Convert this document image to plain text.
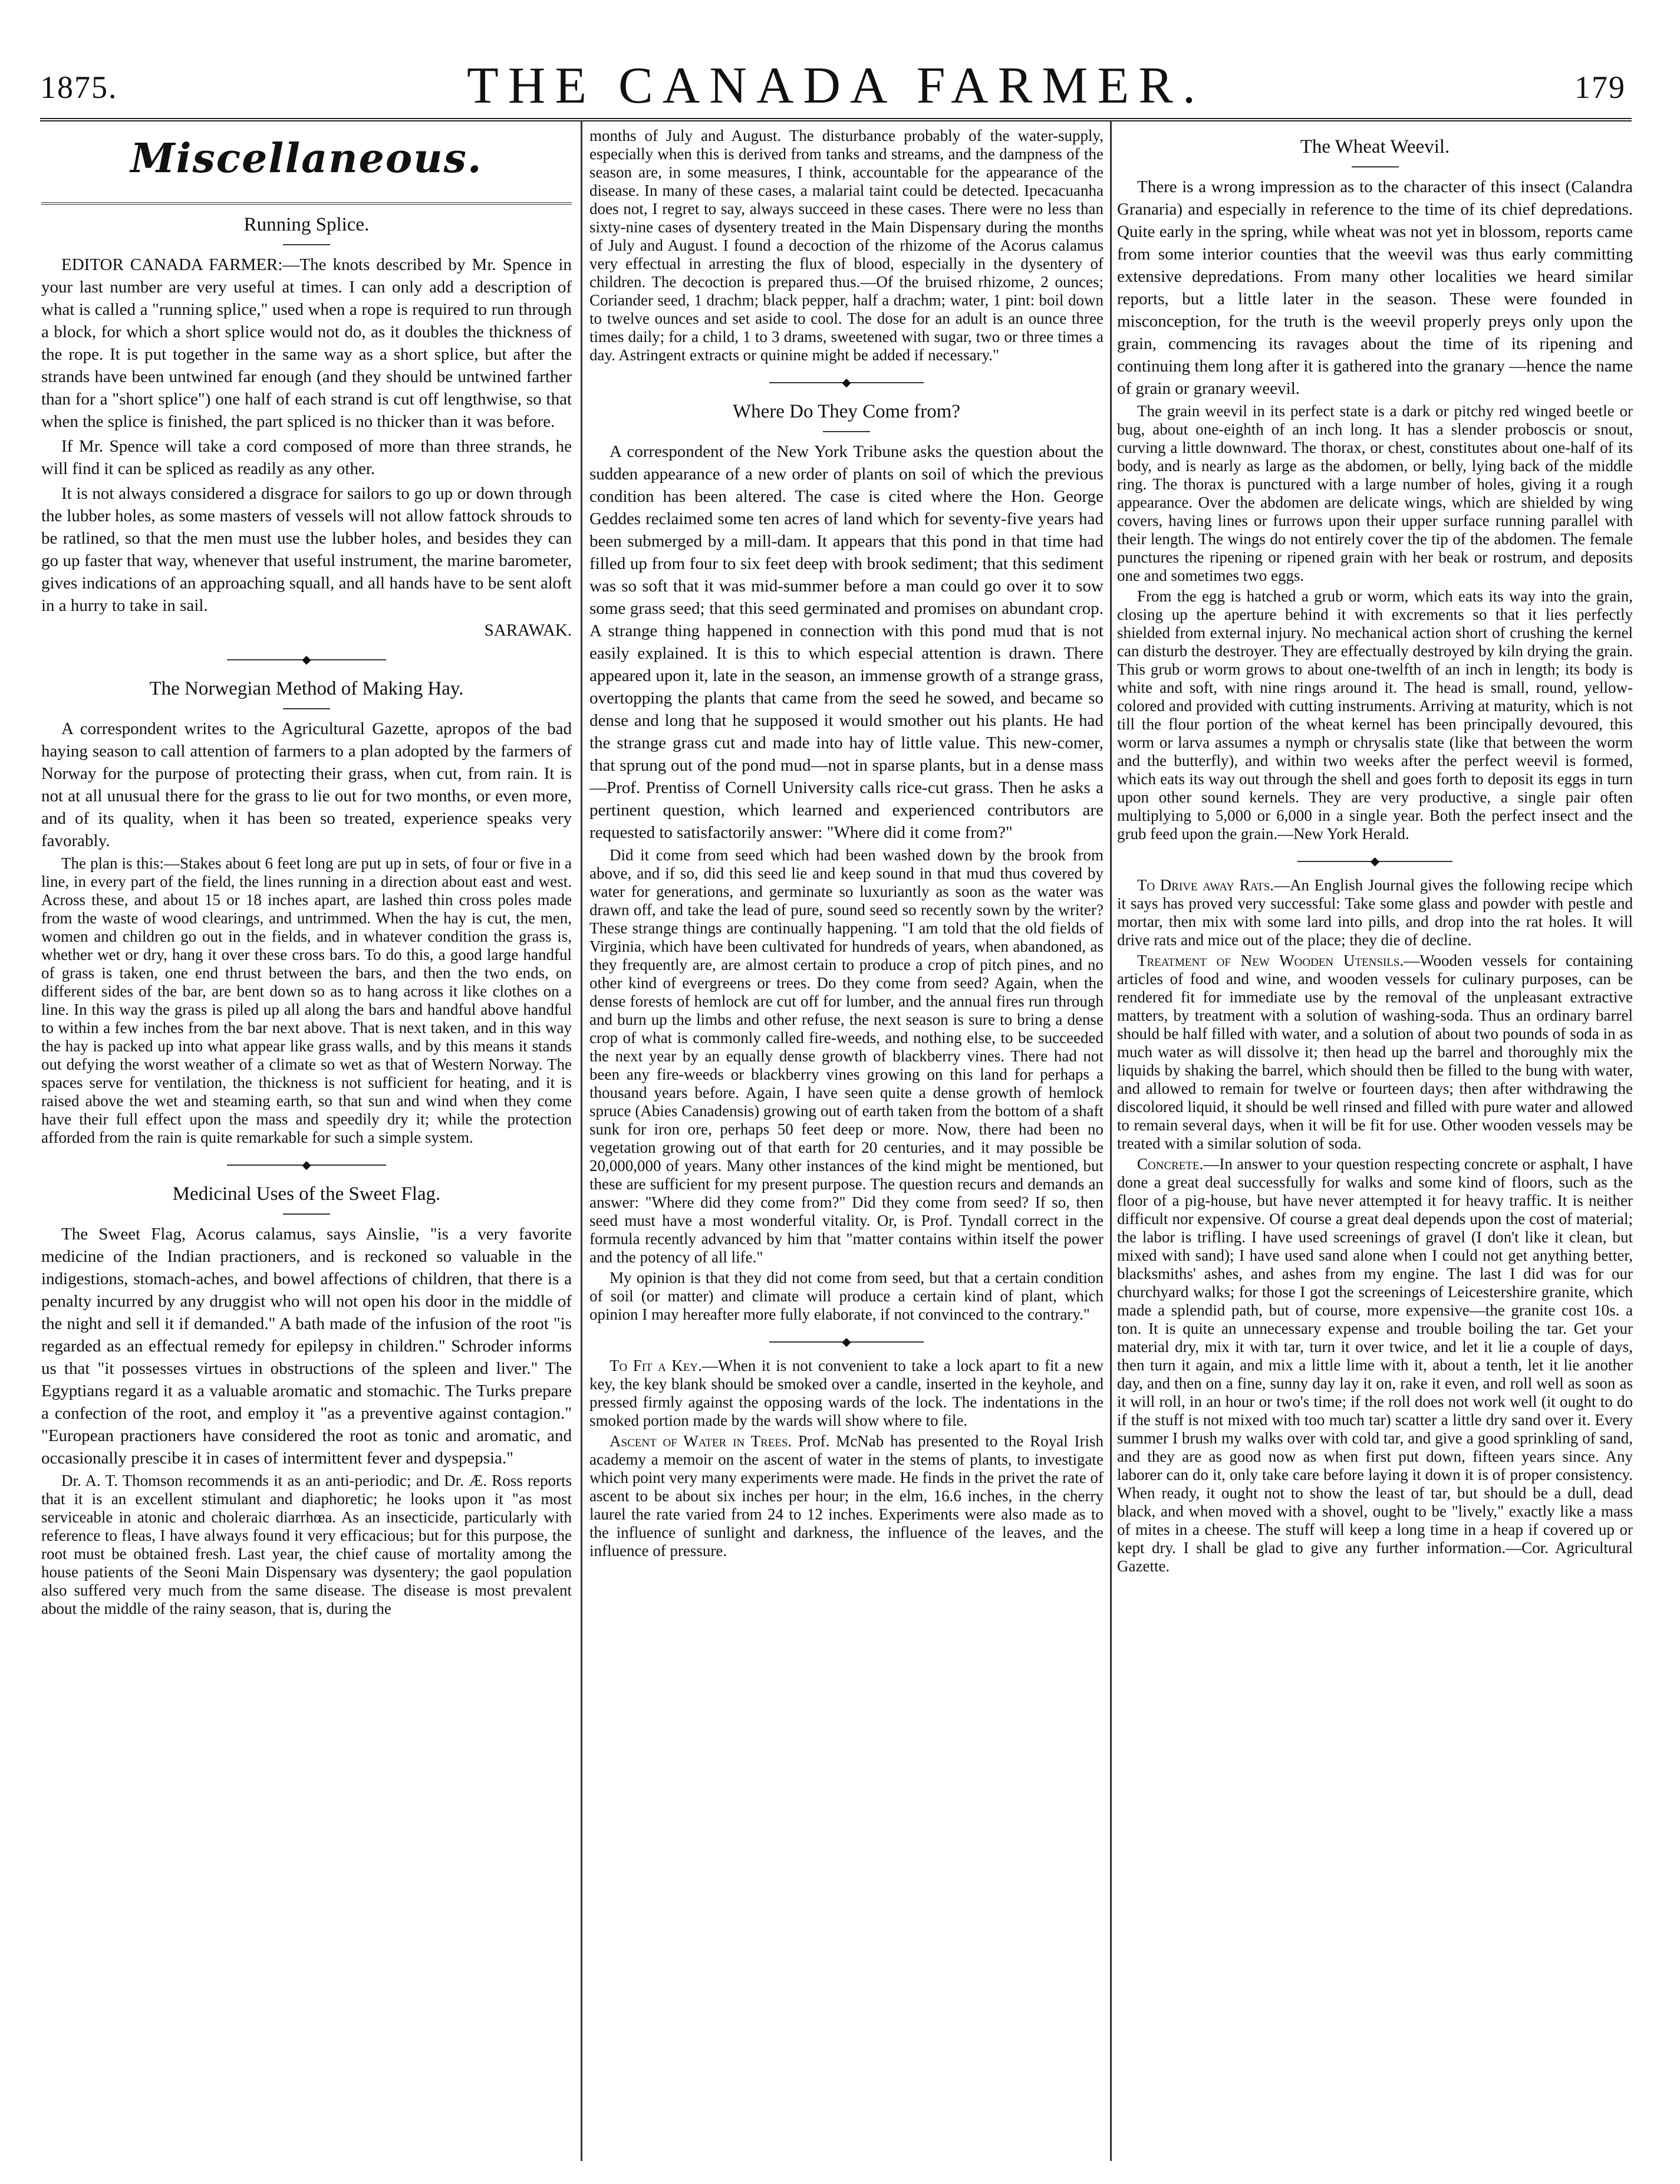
1875.	THE CANADA FARMER.	179
Miscellaneous.
Running Splice.

EDITOR CANADA FARMER:—The knots described by Mr. Spence in your last number are very useful at times. I can only add a description of what is called a "running splice," used when a rope is required to run through a block, for which a short splice would not do, as it doubles the thickness of the rope. It is put together in the same way as a short splice, but after the strands have been untwined far enough (and they should be untwined farther than for a "short splice") one half of each strand is cut off lengthwise, so that when the splice is finished, the part spliced is no thicker than it was before.

If Mr. Spence will take a cord composed of more than three strands, he will find it can be spliced as readily as any other.

It is not always considered a disgrace for sailors to go up or down through the lubber holes, as some masters of vessels will not allow fattock shrouds to be ratlined, so that the men must use the lubber holes, and besides they can go up faster that way, whenever that useful instrument, the marine barometer, gives indications of an approaching squall, and all hands have to be sent aloft in a hurry to take in sail.

SARAWAK.

◆
The Norwegian Method of Making Hay.

A correspondent writes to the Agricultural Gazette, apropos of the bad haying season to call attention of farmers to a plan adopted by the farmers of Norway for the purpose of protecting their grass, when cut, from rain. It is not at all unusual there for the grass to lie out for two months, or even more, and of its quality, when it has been so treated, experience speaks very favorably.

The plan is this:—Stakes about 6 feet long are put up in sets, of four or five in a line, in every part of the field, the lines running in a direction about east and west. Across these, and about 15 or 18 inches apart, are lashed thin cross poles made from the waste of wood clearings, and untrimmed. When the hay is cut, the men, women and children go out in the fields, and in whatever condition the grass is, whether wet or dry, hang it over these cross bars. To do this, a good large handful of grass is taken, one end thrust between the bars, and then the two ends, on different sides of the bar, are bent down so as to hang across it like clothes on a line. In this way the grass is piled up all along the bars and handful above handful to within a few inches from the bar next above. That is next taken, and in this way the hay is packed up into what appear like grass walls, and by this means it stands out defying the worst weather of a climate so wet as that of Western Norway. The spaces serve for ventilation, the thickness is not sufficient for heating, and it is raised above the wet and steaming earth, so that sun and wind when they come have their full effect upon the mass and speedily dry it; while the protection afforded from the rain is quite remarkable for such a simple system.

◆
Medicinal Uses of the Sweet Flag.

The Sweet Flag, Acorus calamus, says Ainslie, "is a very favorite medicine of the Indian practioners, and is reckoned so valuable in the indigestions, stomach-aches, and bowel affections of children, that there is a penalty incurred by any druggist who will not open his door in the middle of the night and sell it if demanded." A bath made of the infusion of the root "is regarded as an effectual remedy for epilepsy in children." Schroder informs us that "it possesses virtues in obstructions of the spleen and liver." The Egyptians regard it as a valuable aromatic and stomachic. The Turks prepare a confection of the root, and employ it "as a preventive against contagion." "European practioners have considered the root as tonic and aromatic, and occasionally prescibe it in cases of intermittent fever and dyspepsia."

Dr. A. T. Thomson recommends it as an anti-periodic; and Dr. Æ. Ross reports that it is an excellent stimulant and diaphoretic; he looks upon it "as most serviceable in atonic and choleraic diarrhœa. As an insecticide, particularly with reference to fleas, I have always found it very efficacious; but for this purpose, the root must be obtained fresh. Last year, the chief cause of mortality among the house patients of the Seoni Main Dispensary was dysentery; the gaol population also suffered very much from the same disease. The disease is most prevalent about the middle of the rainy season, that is, during the

months of July and August. The disturbance probably of the water-supply, especially when this is derived from tanks and streams, and the dampness of the season are, in some measures, I think, accountable for the appearance of the disease. In many of these cases, a malarial taint could be detected. Ipecacuanha does not, I regret to say, always succeed in these cases. There were no less than sixty-nine cases of dysentery treated in the Main Dispensary during the months of July and August. I found a decoction of the rhizome of the Acorus calamus very effectual in arresting the flux of blood, especially in the dysentery of children. The decoction is prepared thus.—Of the bruised rhizome, 2 ounces; Coriander seed, 1 drachm; black pepper, half a drachm; water, 1 pint: boil down to twelve ounces and set aside to cool. The dose for an adult is an ounce three times daily; for a child, 1 to 3 drams, sweetened with sugar, two or three times a day. Astringent extracts or quinine might be added if necessary."

◆
Where Do They Come from?

A correspondent of the New York Tribune asks the question about the sudden appearance of a new order of plants on soil of which the previous condition has been altered. The case is cited where the Hon. George Geddes reclaimed some ten acres of land which for seventy-five years had been submerged by a mill-dam. It appears that this pond in that time had filled up from four to six feet deep with brook sediment; that this sediment was so soft that it was mid-summer before a man could go over it to sow some grass seed; that this seed germinated and promises on abundant crop. A strange thing happened in connection with this pond mud that is not easily explained. It is this to which especial attention is drawn. There appeared upon it, late in the season, an immense growth of a strange grass, overtopping the plants that came from the seed he sowed, and became so dense and long that he supposed it would smother out his plants. He had the strange grass cut and made into hay of little value. This new-comer, that sprung out of the pond mud—not in sparse plants, but in a dense mass—Prof. Prentiss of Cornell University calls rice-cut grass. Then he asks a pertinent question, which learned and experienced contributors are requested to satisfactorily answer: "Where did it come from?"

Did it come from seed which had been washed down by the brook from above, and if so, did this seed lie and keep sound in that mud thus covered by water for generations, and germinate so luxuriantly as soon as the water was drawn off, and take the lead of pure, sound seed so recently sown by the writer? These strange things are continually happening. "I am told that the old fields of Virginia, which have been cultivated for hundreds of years, when abandoned, as they frequently are, are almost certain to produce a crop of pitch pines, and no other kind of evergreens or trees. Do they come from seed? Again, when the dense forests of hemlock are cut off for lumber, and the annual fires run through and burn up the limbs and other refuse, the next season is sure to bring a dense crop of what is commonly called fire-weeds, and nothing else, to be succeeded the next year by an equally dense growth of blackberry vines. There had not been any fire-weeds or blackberry vines growing on this land for perhaps a thousand years before. Again, I have seen quite a dense growth of hemlock spruce (Abies Canadensis) growing out of earth taken from the bottom of a shaft sunk for iron ore, perhaps 50 feet deep or more. Now, there had been no vegetation growing out of that earth for 20 centuries, and it may possible be 20,000,000 of years. Many other instances of the kind might be mentioned, but these are sufficient for my present purpose. The question recurs and demands an answer: "Where did they come from?" Did they come from seed? If so, then seed must have a most wonderful vitality. Or, is Prof. Tyndall correct in the formula recently advanced by him that "matter contains within itself the power and the potency of all life."

My opinion is that they did not come from seed, but that a certain condition of soil (or matter) and climate will produce a certain kind of plant, which opinion I may hereafter more fully elaborate, if not convinced to the contrary."

◆

To Fit a Key.—When it is not convenient to take a lock apart to fit a new key, the key blank should be smoked over a candle, inserted in the keyhole, and pressed firmly against the opposing wards of the lock. The indentations in the smoked portion made by the wards will show where to file.

Ascent of Water in Trees. Prof. McNab has presented to the Royal Irish academy a memoir on the ascent of water in the stems of plants, to investigate which point very many experiments were made. He finds in the privet the rate of ascent to be about six inches per hour; in the elm, 16.6 inches, in the cherry laurel the rate varied from 24 to 12 inches. Experiments were also made as to the influence of sunlight and darkness, the influence of the leaves, and the influence of pressure.

The Wheat Weevil.

There is a wrong impression as to the character of this insect (Calandra Granaria) and especially in reference to the time of its chief depredations. Quite early in the spring, while wheat was not yet in blossom, reports came from some interior counties that the weevil was thus early committing extensive depredations. From many other localities we heard similar reports, but a little later in the season. These were founded in misconception, for the truth is the weevil properly preys only upon the grain, commencing its ravages about the time of its ripening and continuing them long after it is gathered into the granary —hence the name of grain or granary weevil.

The grain weevil in its perfect state is a dark or pitchy red winged beetle or bug, about one-eighth of an inch long. It has a slender proboscis or snout, curving a little downward. The thorax, or chest, constitutes about one-half of its body, and is nearly as large as the abdomen, or belly, lying back of the middle ring. The thorax is punctured with a large number of holes, giving it a rough appearance. Over the abdomen are delicate wings, which are shielded by wing covers, having lines or furrows upon their upper surface running parallel with their length. The wings do not entirely cover the tip of the abdomen. The female punctures the ripening or ripened grain with her beak or rostrum, and deposits one and sometimes two eggs.

From the egg is hatched a grub or worm, which eats its way into the grain, closing up the aperture behind it with excrements so that it lies perfectly shielded from external injury. No mechanical action short of crushing the kernel can disturb the destroyer. They are effectually destroyed by kiln drying the grain. This grub or worm grows to about one-twelfth of an inch in length; its body is white and soft, with nine rings around it. The head is small, round, yellow-colored and provided with cutting instruments. Arriving at maturity, which is not till the flour portion of the wheat kernel has been principally devoured, this worm or larva assumes a nymph or chrysalis state (like that between the worm and the butterfly), and within two weeks after the perfect weevil is formed, which eats its way out through the shell and goes forth to deposit its eggs in turn upon other sound kernels. They are very productive, a single pair often multiplying to 5,000 or 6,000 in a single year. Both the perfect insect and the grub feed upon the grain.—New York Herald.

◆

To Drive away Rats.—An English Journal gives the following recipe which it says has proved very successful: Take some glass and powder with pestle and mortar, then mix with some lard into pills, and drop into the rat holes. It will drive rats and mice out of the place; they die of decline.

Treatment of New Wooden Utensils.—Wooden vessels for containing articles of food and wine, and wooden vessels for culinary purposes, can be rendered fit for immediate use by the removal of the unpleasant extractive matters, by treatment with a solution of washing-soda. Thus an ordinary barrel should be half filled with water, and a solution of about two pounds of soda in as much water as will dissolve it; then head up the barrel and thoroughly mix the liquids by shaking the barrel, which should then be filled to the bung with water, and allowed to remain for twelve or fourteen days; then after withdrawing the discolored liquid, it should be well rinsed and filled with pure water and allowed to remain several days, when it will be fit for use. Other wooden vessels may be treated with a similar solution of soda.

Concrete.—In answer to your question respecting concrete or asphalt, I have done a great deal successfully for walks and some kind of floors, such as the floor of a pig-house, but have never attempted it for heavy traffic. It is neither difficult nor expensive. Of course a great deal depends upon the cost of material; the labor is trifling. I have used screenings of gravel (I don't like it clean, but mixed with sand); I have used sand alone when I could not get anything better, blacksmiths' ashes, and ashes from my engine. The last I did was for our churchyard walks; for those I got the screenings of Leicestershire granite, which made a splendid path, but of course, more expensive—the granite cost 10s. a ton. It is quite an unnecessary expense and trouble boiling the tar. Get your material dry, mix it with tar, turn it over twice, and let it lie a couple of days, then turn it again, and mix a little lime with it, about a tenth, let it lie another day, and then on a fine, sunny day lay it on, rake it even, and roll well as soon as it will roll, in an hour or two's time; if the roll does not work well (it ought to do if the stuff is not mixed with too much tar) scatter a little dry sand over it. Every summer I brush my walks over with cold tar, and give a good sprinkling of sand, and they are as good now as when first put down, fifteen years since. Any laborer can do it, only take care before laying it down it is of proper consistency. When ready, it ought not to show the least of tar, but should be a dull, dead black, and when moved with a shovel, ought to be "lively," exactly like a mass of mites in a cheese. The stuff will keep a long time in a heap if covered up or kept dry. I shall be glad to give any further information.—Cor. Agricultural Gazette.
